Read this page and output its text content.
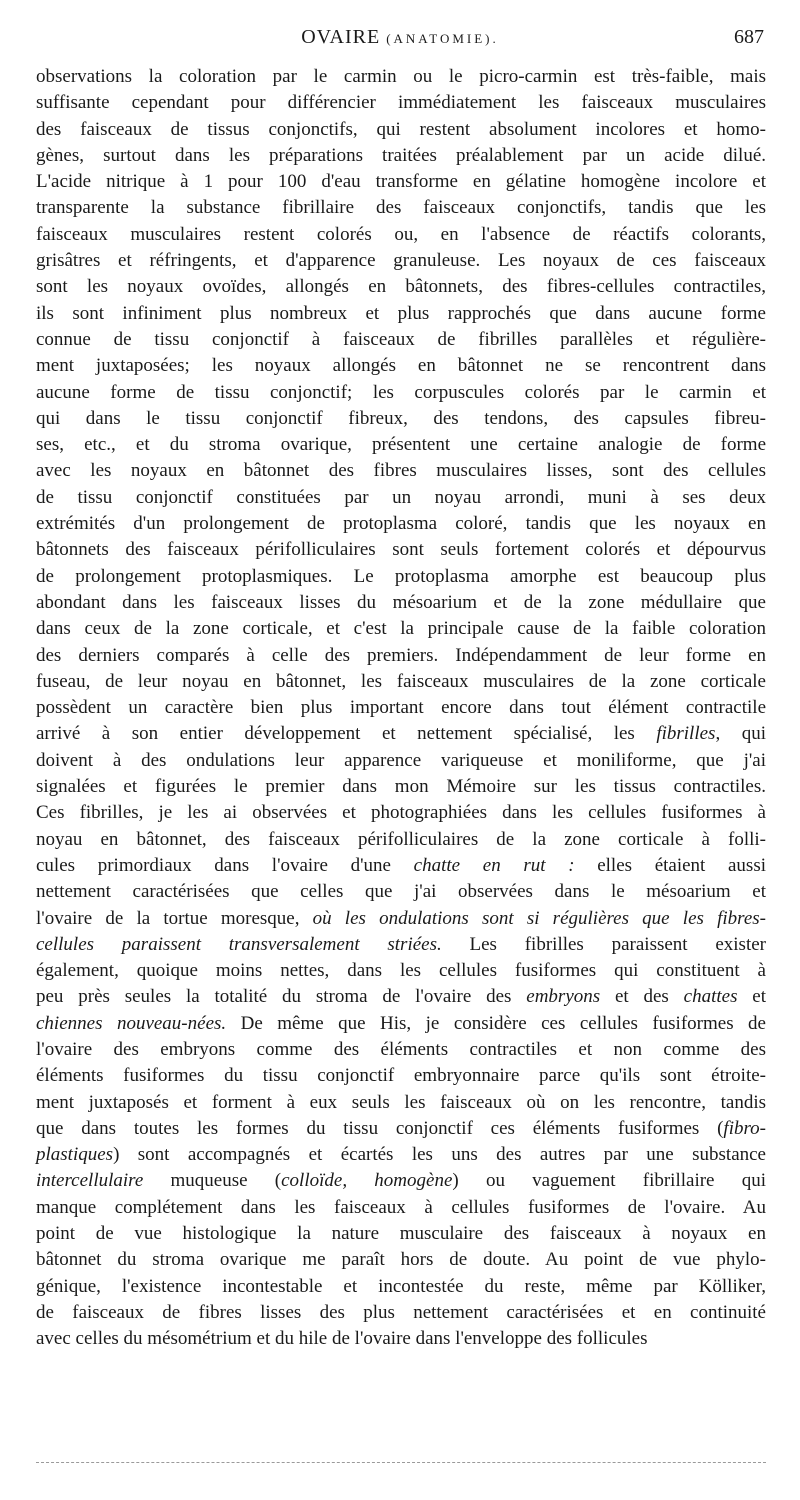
OVAIRE (ANATOMIE).	687
observations la coloration par le carmin ou le picro-carmin est très-faible, mais
suffisante cependant pour différencier immédiatement les faisceaux musculaires
des faisceaux de tissus conjonctifs, qui restent absolument incolores et homo-
gènes, surtout dans les préparations traitées préalablement par un acide dilué.
L'acide nitrique à 1 pour 100 d'eau transforme en gélatine homogène incolore et
transparente la substance fibrillaire des faisceaux conjonctifs, tandis que les
faisceaux musculaires restent colorés ou, en l'absence de réactifs colorants,
grisâtres et réfringents, et d'apparence granuleuse. Les noyaux de ces faisceaux
sont les noyaux ovoïdes, allongés en bâtonnets, des fibres-cellules contractiles,
ils sont infiniment plus nombreux et plus rapprochés que dans aucune forme
connue de tissu conjonctif à faisceaux de fibrilles parallèles et régulière-
ment juxtaposées; les noyaux allongés en bâtonnet ne se rencontrent dans
aucune forme de tissu conjonctif; les corpuscules colorés par le carmin et
qui dans le tissu conjonctif fibreux, des tendons, des capsules fibreu-
ses, etc., et du stroma ovarique, présentent une certaine analogie de forme
avec les noyaux en bâtonnet des fibres musculaires lisses, sont des cellules
de tissu conjonctif constituées par un noyau arrondi, muni à ses deux
extrémités d'un prolongement de protoplasma coloré, tandis que les noyaux en
bâtonnets des faisceaux périfolliculaires sont seuls fortement colorés et dépourvus
de prolongement protoplasmiques. Le protoplasma amorphe est beaucoup plus
abondant dans les faisceaux lisses du mésoarium et de la zone médullaire que
dans ceux de la zone corticale, et c'est la principale cause de la faible coloration
des derniers comparés à celle des premiers. Indépendamment de leur forme en
fuseau, de leur noyau en bâtonnet, les faisceaux musculaires de la zone corticale
possèdent un caractère bien plus important encore dans tout élément contractile
arrivé à son entier développement et nettement spécialisé, les fibrilles, qui
doivent à des ondulations leur apparence variqueuse et moniliforme, que j'ai
signalées et figurées le premier dans mon Mémoire sur les tissus contractiles.
Ces fibrilles, je les ai observées et photographiées dans les cellules fusiformes à
noyau en bâtonnet, des faisceaux périfolliculaires de la zone corticale à folli-
cules primordiaux dans l'ovaire d'une chatte en rut : elles étaient aussi
nettement caractérisées que celles que j'ai observées dans le mésoarium et
l'ovaire de la tortue moresque, où les ondulations sont si régulières que les fibres-
cellules paraissent transversalement striées. Les fibrilles paraissent exister
également, quoique moins nettes, dans les cellules fusiformes qui constituent à
peu près seules la totalité du stroma de l'ovaire des embryons et des chattes et
chiennes nouveau-nées. De même que His, je considère ces cellules fusiformes de
l'ovaire des embryons comme des éléments contractiles et non comme des
éléments fusiformes du tissu conjonctif embryonnaire parce qu'ils sont étroite-
ment juxtaposés et forment à eux seuls les faisceaux où on les rencontre, tandis
que dans toutes les formes du tissu conjonctif ces éléments fusiformes (fibro-
plastiques) sont accompagnés et écartés les uns des autres par une substance
intercellulaire muqueuse (colloïde, homogène) ou vaguement fibrillaire qui
manque complétement dans les faisceaux à cellules fusiformes de l'ovaire. Au
point de vue histologique la nature musculaire des faisceaux à noyaux en
bâtonnet du stroma ovarique me paraît hors de doute. Au point de vue phylo-
génique, l'existence incontestable et incontestée du reste, même par Kölliker,
de faisceaux de fibres lisses des plus nettement caractérisées et en continuité
avec celles du mésométrium et du hile de l'ovaire dans l'enveloppe des follicules
